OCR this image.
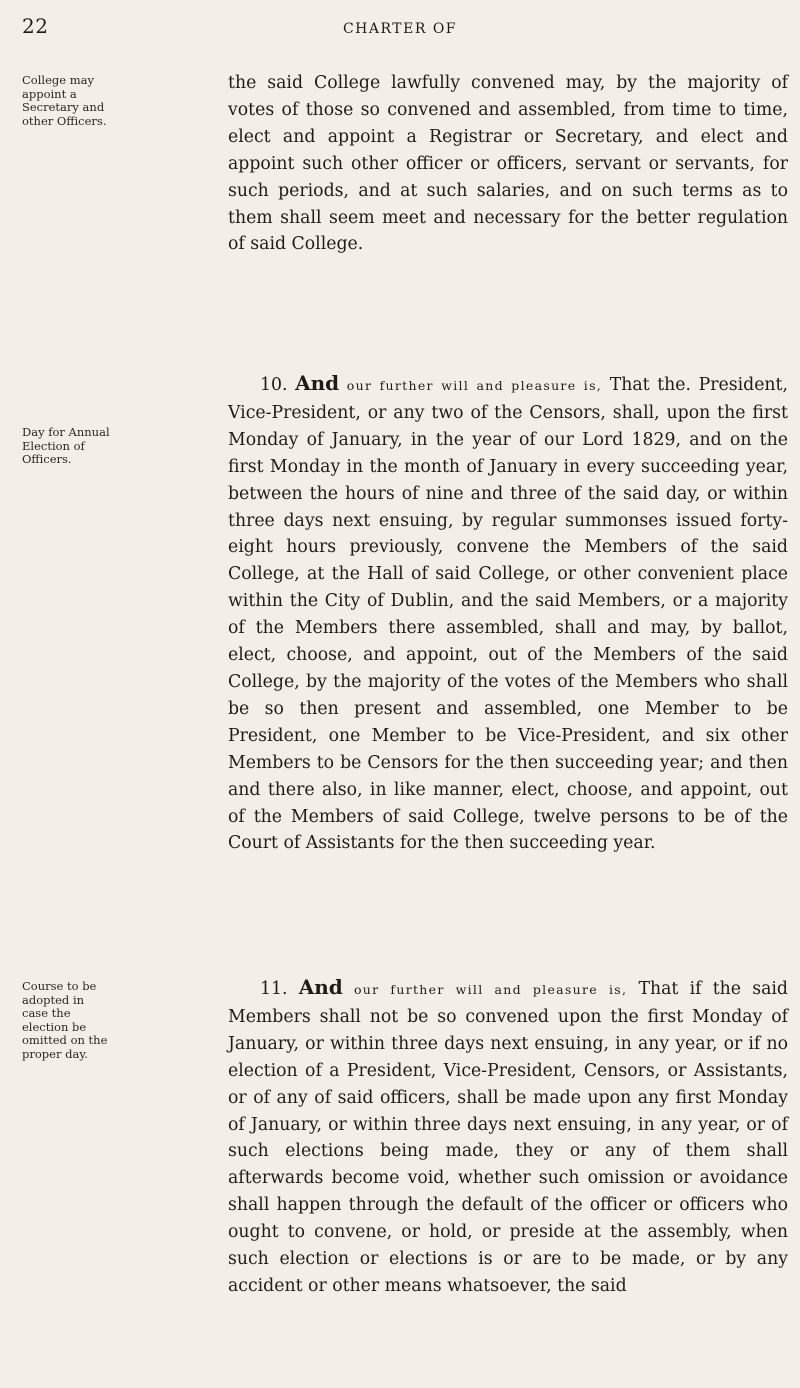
22	CHARTER OF
College may appoint a Secretary and other Officers.
Day for Annual Election of Officers.
Course to be adopted in case the election be omitted on the proper day.

the said College lawfully convened may, by the majority of votes of those so convened and assembled, from time to time, elect and appoint a Registrar or Secretary, and elect and appoint such other officer or officers, servant or servants, for such periods, and at such salaries, and on such terms as to them shall seem meet and necessary for the better regulation of said College.

10. And our further will and pleasure is, That the. President, Vice-President, or any two of the Censors, shall, upon the first Monday of January, in the year of our Lord 1829, and on the first Monday in the month of January in every succeeding year, between the hours of nine and three of the said day, or within three days next ensuing, by regular summonses issued forty-eight hours previously, convene the Members of the said College, at the Hall of said College, or other convenient place within the City of Dublin, and the said Members, or a majority of the Members there assembled, shall and may, by ballot, elect, choose, and appoint, out of the Members of the said College, by the majority of the votes of the Members who shall be so then present and assembled, one Member to be President, one Member to be Vice-President, and six other Members to be Censors for the then succeeding year; and then and there also, in like manner, elect, choose, and appoint, out of the Members of said College, twelve persons to be of the Court of Assistants for the then succeeding year.

11. And our further will and pleasure is, That if the said Members shall not be so convened upon the first Monday of January, or within three days next ensuing, in any year, or if no election of a President, Vice-President, Censors, or Assistants, or of any of said officers, shall be made upon any first Monday of January, or within three days next ensuing, in any year, or of such elections being made, they or any of them shall afterwards become void, whether such omission or avoidance shall happen through the default of the officer or officers who ought to convene, or hold, or preside at the assembly, when such election or elections is or are to be made, or by any accident or other means whatsoever, the said
